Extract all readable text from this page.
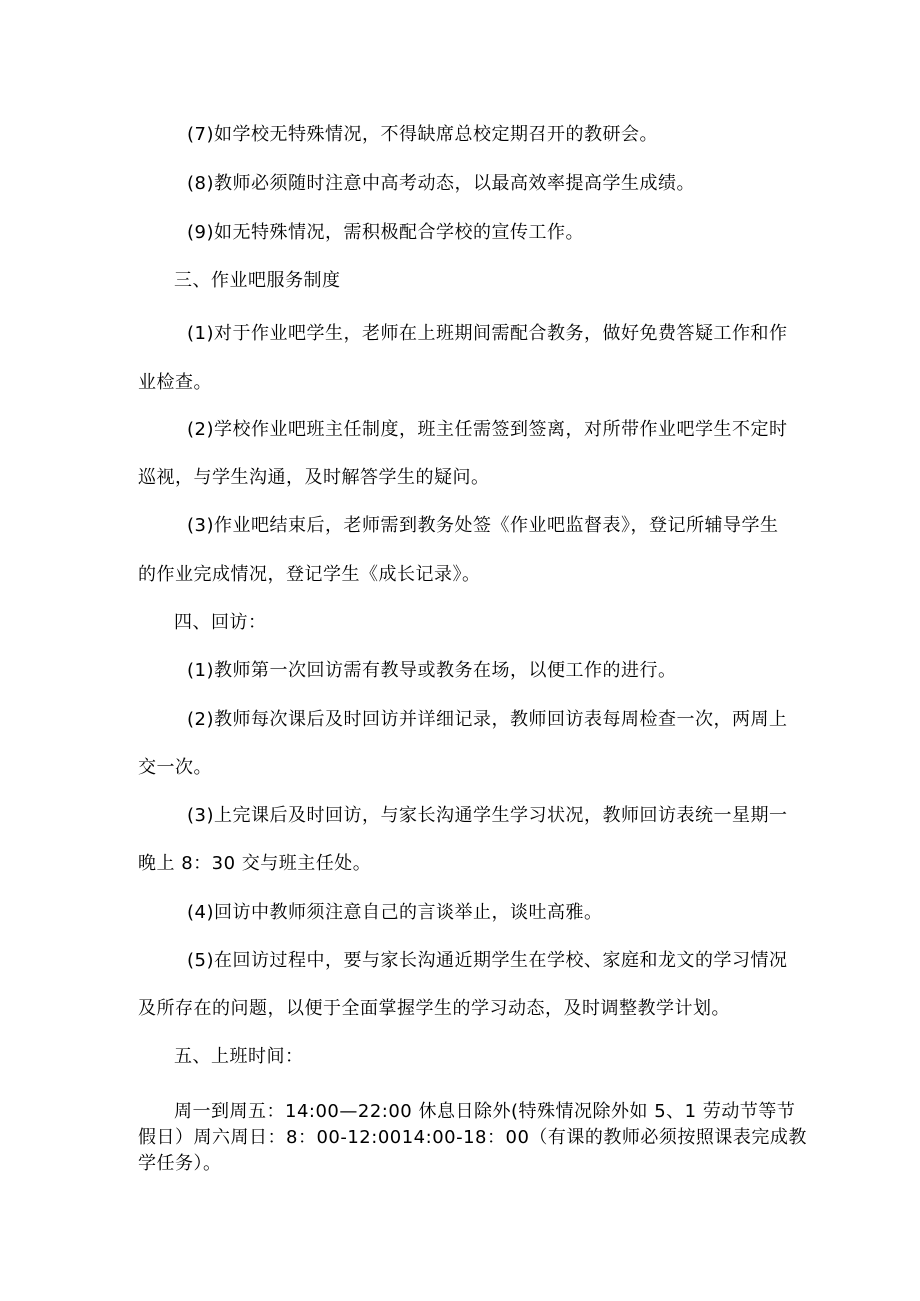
(7)如学校无特殊情况，不得缺席总校定期召开的教研会。
(8)教师必须随时注意中高考动态，以最高效率提高学生成绩。
(9)如无特殊情况，需积极配合学校的宣传工作。
三、作业吧服务制度
(1)对于作业吧学生，老师在上班期间需配合教务，做好免费答疑工作和作
业检查。
(2)学校作业吧班主任制度，班主任需签到签离，对所带作业吧学生不定时
巡视，与学生沟通，及时解答学生的疑问。
(3)作业吧结束后，老师需到教务处签《作业吧监督表》，登记所辅导学生
的作业完成情况，登记学生《成长记录》。
四、回访：
(1)教师第一次回访需有教导或教务在场，以便工作的进行。
(2)教师每次课后及时回访并详细记录，教师回访表每周检查一次，两周上
交一次。
(3)上完课后及时回访，与家长沟通学生学习状况，教师回访表统一星期一
晚上 8：30 交与班主任处。
(4)回访中教师须注意自己的言谈举止，谈吐高雅。
(5)在回访过程中，要与家长沟通近期学生在学校、家庭和龙文的学习情况
及所存在的问题，以便于全面掌握学生的学习动态，及时调整教学计划。
五、上班时间：
周一到周五：14:00—22:00 休息日除外(特殊情况除外如 5、1 劳动节等节
假日）周六周日：8：00-12:0014:00-18：00（有课的教师必须按照课表完成教
学任务）。
